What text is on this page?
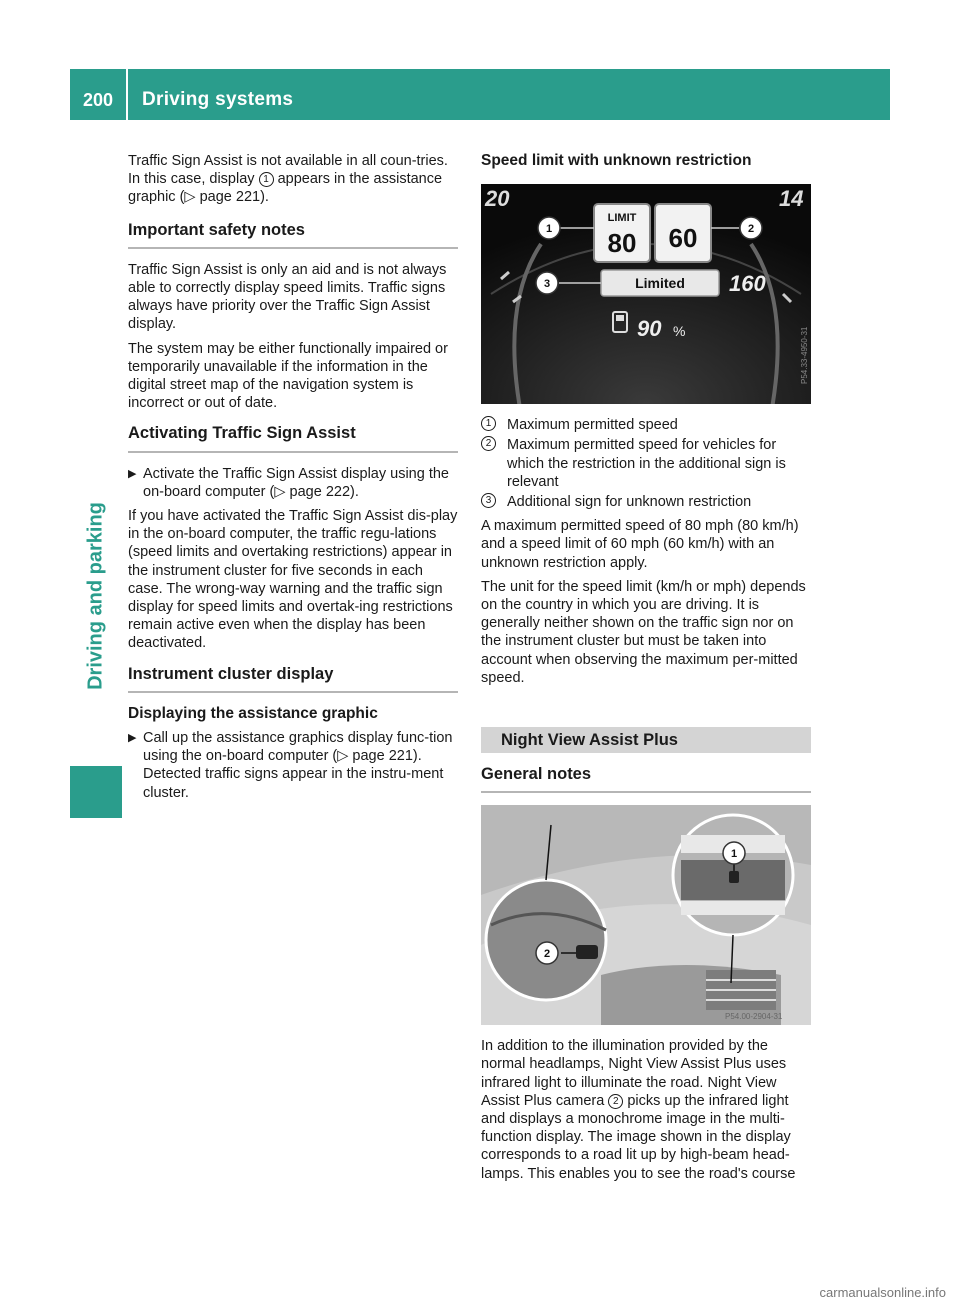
200	Driving systems
Driving and parking

Traffic Sign Assist is not available in all coun-tries. In this case, display 1 appears in the assistance graphic (▷ page 221).

Important safety notes

Traffic Sign Assist is only an aid and is not always able to correctly display speed limits. Traffic signs always have priority over the Traffic Sign Assist display.

The system may be either functionally impaired or temporarily unavailable if the information in the digital street map of the navigation system is incorrect or out of date.

Activating Traffic Sign Assist
▶ Activate the Traffic Sign Assist display using the on-board computer (▷ page 222).

If you have activated the Traffic Sign Assist dis-play in the on-board computer, the traffic regu-lations (speed limits and overtaking restrictions) appear in the instrument cluster for five seconds in each case. The wrong-way warning and the traffic sign display for speed limits and overtak-ing restrictions remain active even when the display has been deactivated.

Instrument cluster display
Displaying the assistance graphic
▶ Call up the assistance graphics display func-tion using the on-board computer (▷ page 221).
Detected traffic signs appear in the instru-ment cluster.
Speed limit with unknown restriction
20	14
LIMIT
80 60
Limited 160
1	2
3
90 %	P54.33-4950-31
1	Maximum permitted speed
2	Maximum permitted speed for vehicles for which the restriction in the additional sign is relevant
3	Additional sign for unknown restriction

A maximum permitted speed of 80 mph (80 km/h) and a speed limit of 60 mph (60 km/h) with an unknown restriction apply.

The unit for the speed limit (km/h or mph) depends on the country in which you are driving. It is generally neither shown on the traffic sign nor on the instrument cluster but must be taken into account when observing the maximum per-mitted speed.

Night View Assist Plus
General notes
2
1
P54.00-2904-31

In addition to the illumination provided by the normal headlamps, Night View Assist Plus uses infrared light to illuminate the road. Night View Assist Plus camera 2 picks up the infrared light and displays a monochrome image in the multi-function display. The image shown in the display corresponds to a road lit up by high-beam head-lamps. This enables you to see the road's course

carmanualsonline.info
